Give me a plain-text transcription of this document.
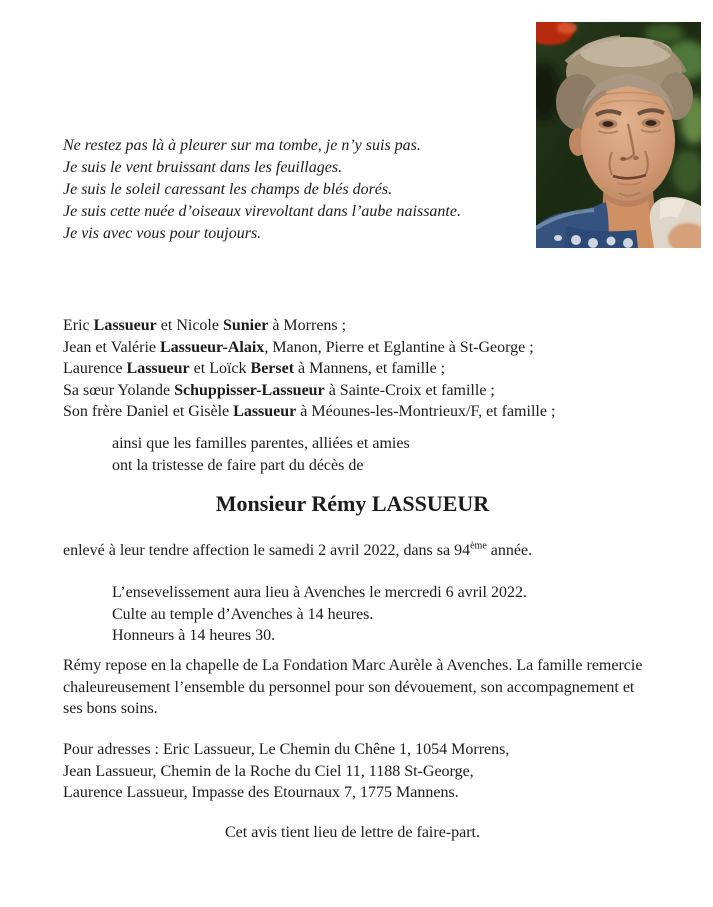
Ne restez pas là à pleurer sur ma tombe, je n’y suis pas.
Je suis le vent bruissant dans les feuillages.
Je suis le soleil caressant les champs de blés dorés.
Je suis cette nuée d’oiseaux virevoltant dans l’aube naissante.
Je vis avec vous pour toujours.
Eric Lassueur et Nicole Sunier à Morrens ;
Jean et Valérie Lassueur-Alaix, Manon, Pierre et Eglantine à St-George ;
Laurence Lassueur et Loïck Berset à Mannens, et famille ;
Sa sœur Yolande Schuppisser-Lassueur à Sainte-Croix et famille ;
Son frère Daniel et Gisèle Lassueur à Méounes-les-Montrieux/F, et famille ;
ainsi que les familles parentes, alliées et amies
ont la tristesse de faire part du décès de
Monsieur Rémy LASSUEUR
enlevé à leur tendre affection le samedi 2 avril 2022, dans sa 94ème année.
L’ensevelissement aura lieu à Avenches le mercredi 6 avril 2022.
Culte au temple d’Avenches à 14 heures.
Honneurs à 14 heures 30.

Rémy repose en la chapelle de La Fondation Marc Aurèle à Avenches. La famille remercie chaleureusement l’ensemble du personnel pour son dévouement, son accompagnement et ses bons soins.

Pour adresses : Eric Lassueur, Le Chemin du Chêne 1, 1054 Morrens,
Jean Lassueur, Chemin de la Roche du Ciel 11, 1188 St-George,
Laurence Lassueur, Impasse des Etournaux 7, 1775 Mannens.
Cet avis tient lieu de lettre de faire-part.
